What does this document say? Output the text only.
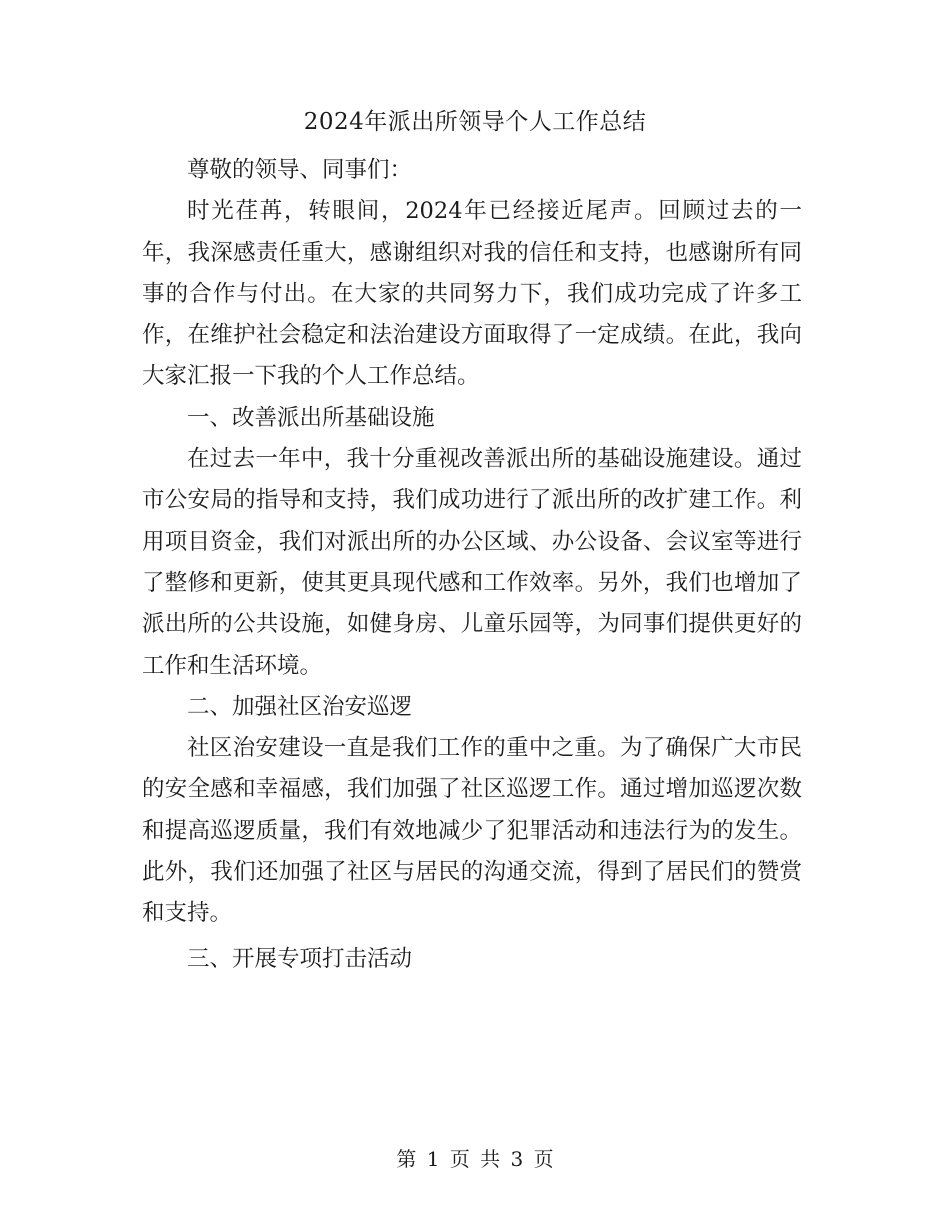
2024年派出所领导个人工作总结

尊敬的领导、同事们：

时光荏苒，转眼间，2024年已经接近尾声。回顾过去的一年，我深感责任重大，感谢组织对我的信任和支持，也感谢所有同事的合作与付出。在大家的共同努力下，我们成功完成了许多工作，在维护社会稳定和法治建设方面取得了一定成绩。在此，我向大家汇报一下我的个人工作总结。

一、改善派出所基础设施

在过去一年中，我十分重视改善派出所的基础设施建设。通过市公安局的指导和支持，我们成功进行了派出所的改扩建工作。利用项目资金，我们对派出所的办公区域、办公设备、会议室等进行了整修和更新，使其更具现代感和工作效率。另外，我们也增加了派出所的公共设施，如健身房、儿童乐园等，为同事们提供更好的工作和生活环境。

二、加强社区治安巡逻

社区治安建设一直是我们工作的重中之重。为了确保广大市民的安全感和幸福感，我们加强了社区巡逻工作。通过增加巡逻次数和提高巡逻质量，我们有效地减少了犯罪活动和违法行为的发生。此外，我们还加强了社区与居民的沟通交流，得到了居民们的赞赏和支持。

三、开展专项打击活动

第 1 页 共 3 页
